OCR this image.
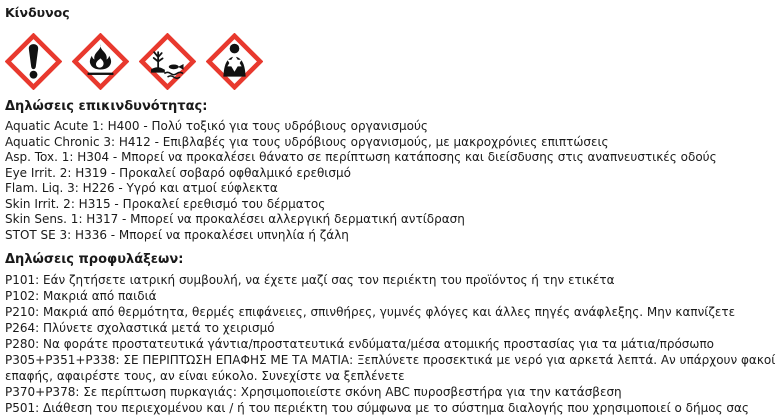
Κίνδυνος
Δηλώσεις επικινδυνότητας:
Aquatic Acute 1: H400 - Πολύ τοξικό για τους υδρόβιους οργανισμούς
Aquatic Chronic 3: H412 - Επιβλαβές για τους υδρόβιους οργανισμούς, με μακροχρόνιες επιπτώσεις
Asp. Tox. 1: H304 - Μπορεί να προκαλέσει θάνατο σε περίπτωση κατάποσης και διείσδυσης στις αναπνευστικές οδούς
Eye Irrit. 2: H319 - Προκαλεί σοβαρό οφθαλμικό ερεθισμό
Flam. Liq. 3: H226 - Υγρό και ατμοί εύφλεκτα
Skin Irrit. 2: H315 - Προκαλεί ερεθισμό του δέρματος
Skin Sens. 1: H317 - Μπορεί να προκαλέσει αλλεργική δερματική αντίδραση
STOT SE 3: H336 - Μπορεί να προκαλέσει υπνηλία ή ζάλη
Δηλώσεις προφυλάξεων:
P101: Εάν ζητήσετε ιατρική συμβουλή, να έχετε μαζί σας τον περιέκτη του προϊόντος ή την ετικέτα
P102: Μακριά από παιδιά
P210: Μακριά από θερμότητα, θερμές επιφάνειες, σπινθήρες, γυμνές φλόγες και άλλες πηγές ανάφλεξης. Μην καπνίζετε
P264: Πλύνετε σχολαστικά μετά το χειρισμό
P280: Να φοράτε προστατευτικά γάντια/προστατευτικά ενδύματα/μέσα ατομικής προστασίας για τα μάτια/πρόσωπο
P305+P351+P338: ΣΕ ΠΕΡΙΠΤΩΣΗ ΕΠΑΦΗΣ ΜΕ ΤΑ ΜΑΤΙΑ: Ξεπλύνετε προσεκτικά με νερό για αρκετά λεπτά. Αν υπάρχουν φακοί επαφής, αφαιρέστε τους, αν είναι εύκολο. Συνεχίστε να ξεπλένετε
P370+P378: Σε περίπτωση πυρκαγιάς: Χρησιμοποιείστε σκόνη ABC πυροσβεστήρα για την κατάσβεση
P501: Διάθεση του περιεχομένου και / ή του περιέκτη του σύμφωνα με το σύστημα διαλογής που χρησιμοποιεί ο δήμος σας
